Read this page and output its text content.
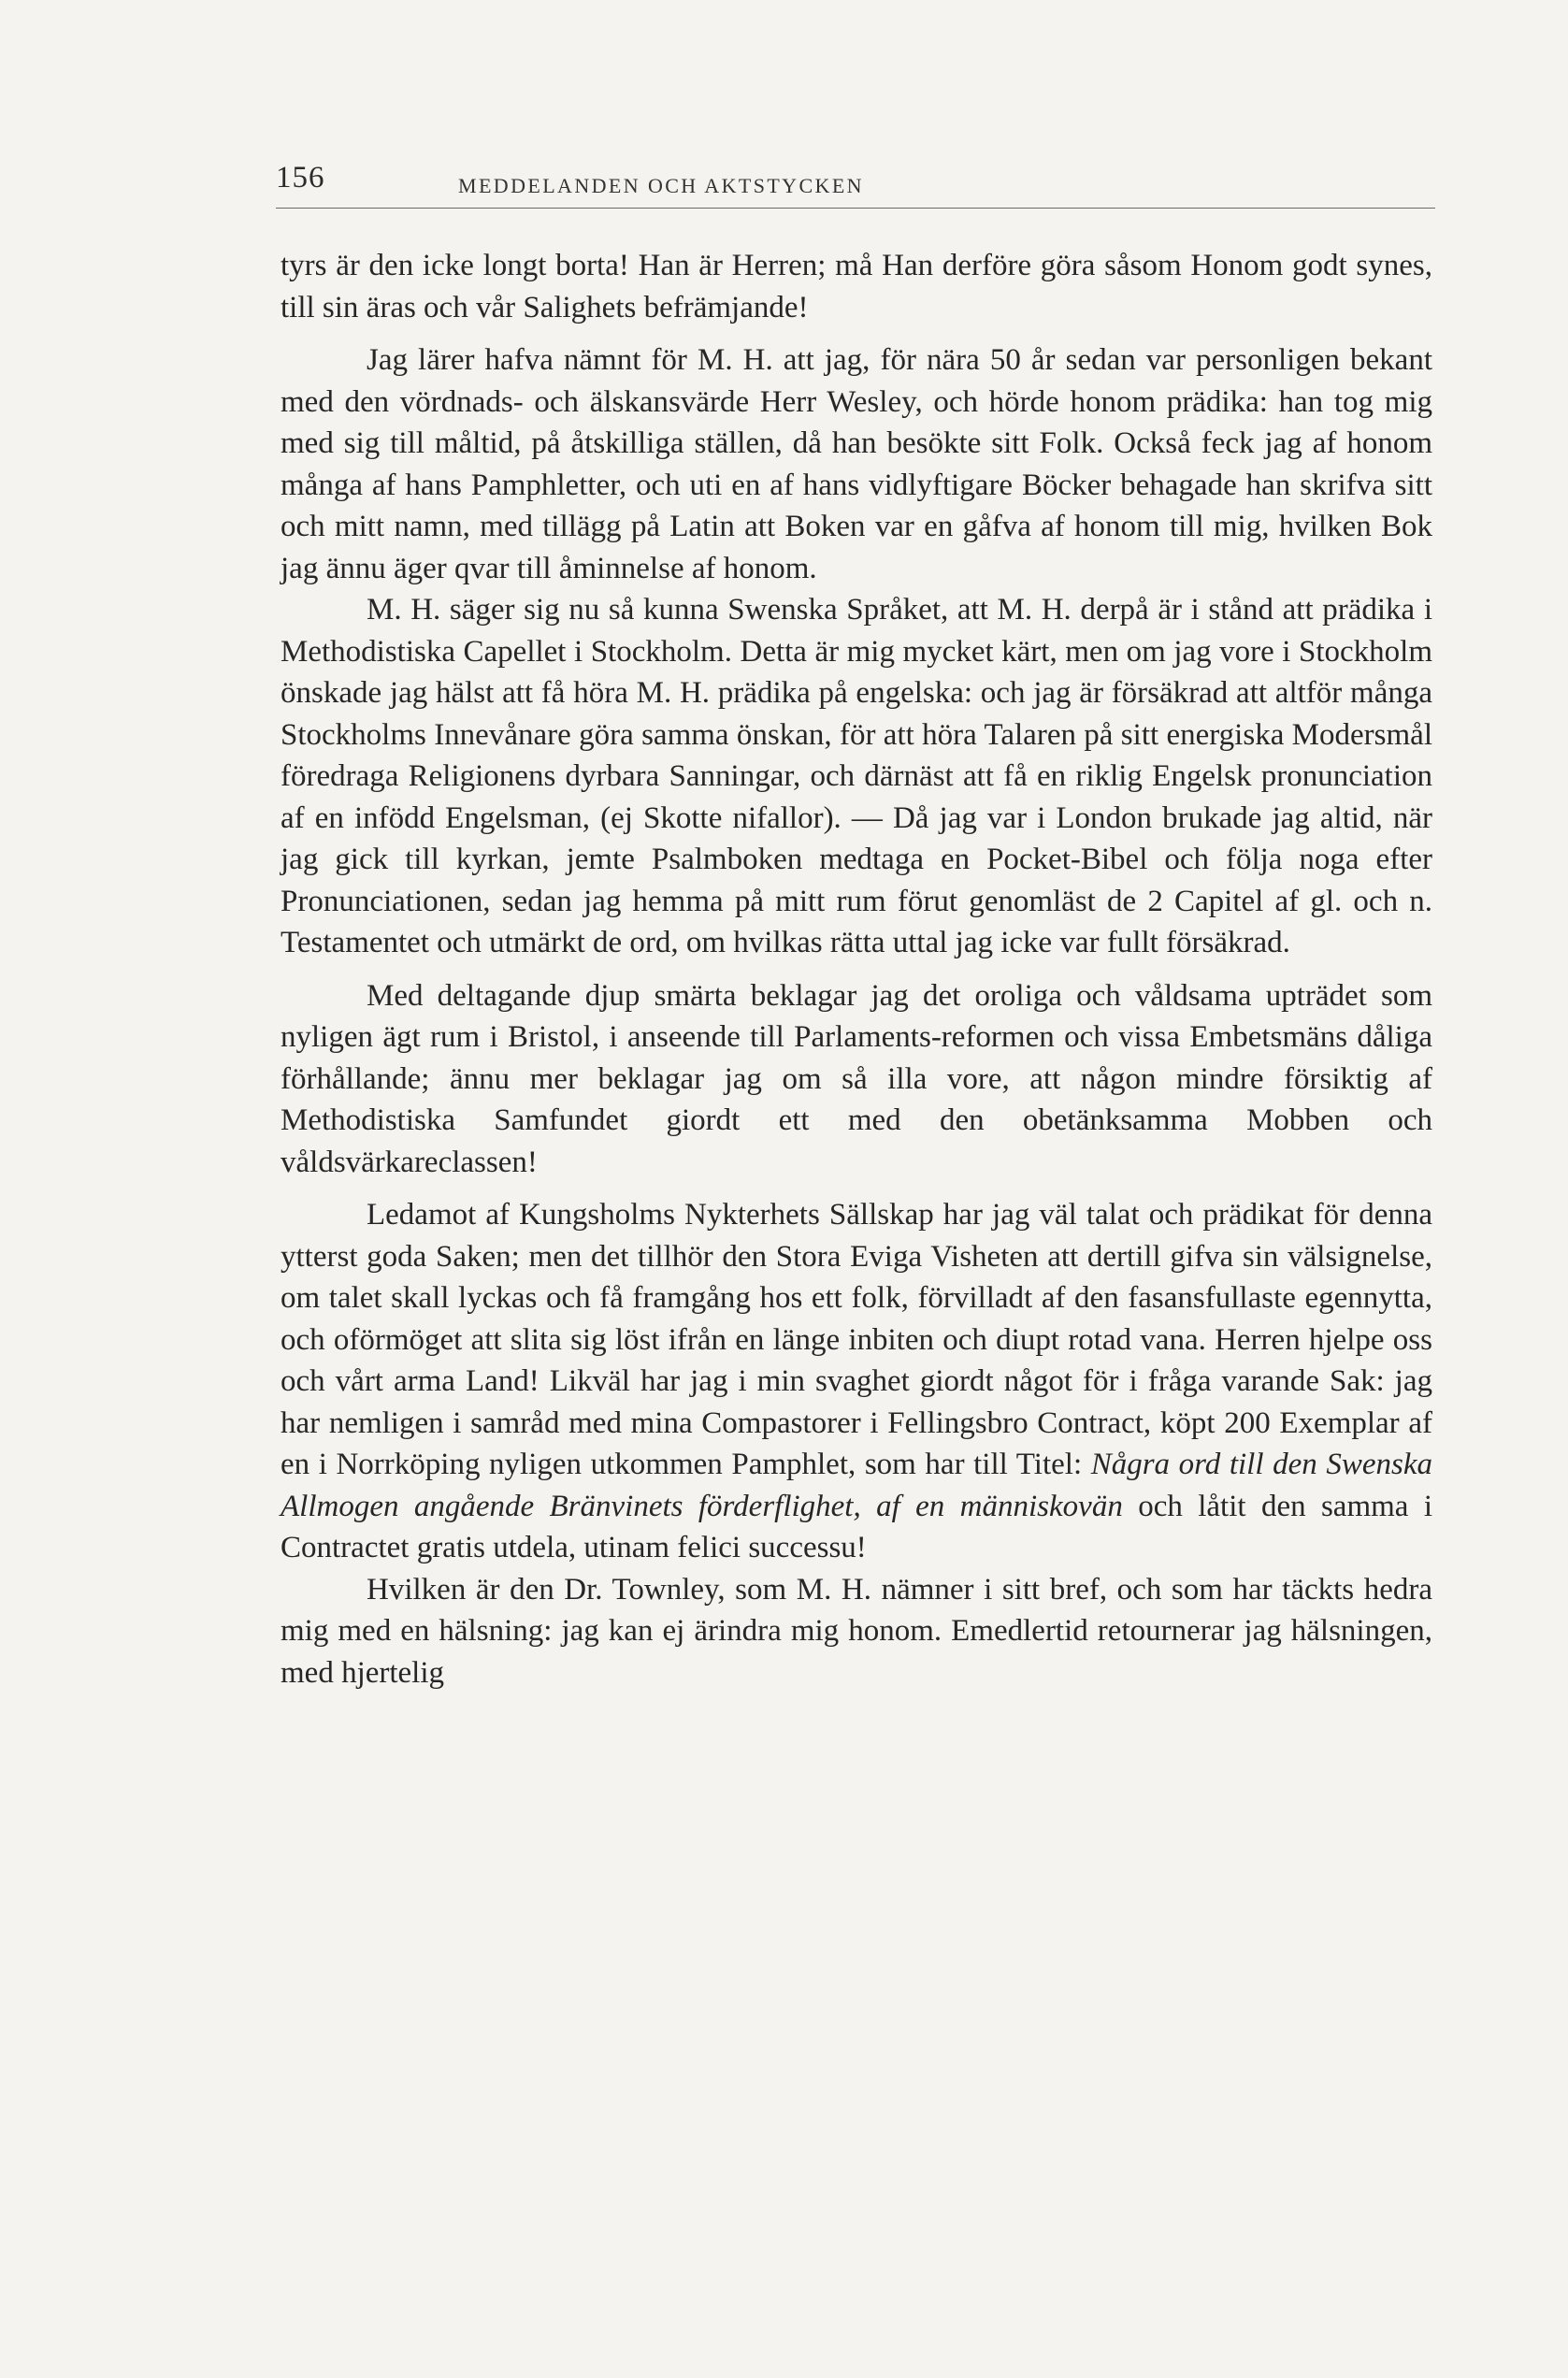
156	MEDDELANDEN OCH AKTSTYCKEN

tyrs är den icke longt borta! Han är Herren; må Han derföre göra såsom Honom godt synes, till sin äras och vår Salighets befrämjande!

Jag lärer hafva nämnt för M. H. att jag, för nära 50 år sedan var personligen bekant med den vördnads- och älskansvärde Herr Wesley, och hörde honom prädika: han tog mig med sig till måltid, på åtskilliga ställen, då han besökte sitt Folk. Också feck jag af honom många af hans Pamphletter, och uti en af hans vidlyftigare Böcker behagade han skrifva sitt och mitt namn, med tillägg på Latin att Boken var en gåfva af honom till mig, hvilken Bok jag ännu äger qvar till åminnelse af honom.

M. H. säger sig nu så kunna Swenska Språket, att M. H. derpå är i stånd att prädika i Methodistiska Capellet i Stockholm. Detta är mig mycket kärt, men om jag vore i Stockholm önskade jag hälst att få höra M. H. prädika på engelska: och jag är försäkrad att altför många Stockholms Innevånare göra samma önskan, för att höra Talaren på sitt energiska Modersmål föredraga Religionens dyrbara Sanningar, och därnäst att få en riklig Engelsk pronunciation af en infödd Engelsman, (ej Skotte nifallor). — Då jag var i London brukade jag altid, när jag gick till kyrkan, jemte Psalmboken medtaga en Pocket-Bibel och följa noga efter Pronunciationen, sedan jag hemma på mitt rum förut genomläst de 2 Capitel af gl. och n. Testamentet och utmärkt de ord, om hvilkas rätta uttal jag icke var fullt försäkrad.

Med deltagande djup smärta beklagar jag det oroliga och våldsama upträdet som nyligen ägt rum i Bristol, i anseende till Parlaments-reformen och vissa Embetsmäns dåliga förhållande; ännu mer beklagar jag om så illa vore, att någon mindre försiktig af Methodistiska Samfundet giordt ett med den obetänksamma Mobben och våldsvärkareclassen!

Ledamot af Kungsholms Nykterhets Sällskap har jag väl talat och prädikat för denna ytterst goda Saken; men det tillhör den Stora Eviga Visheten att dertill gifva sin välsignelse, om talet skall lyckas och få framgång hos ett folk, förvilladt af den fasansfullaste egennytta, och oförmöget att slita sig löst ifrån en länge inbiten och diupt rotad vana. Herren hjelpe oss och vårt arma Land! Likväl har jag i min svaghet giordt något för i fråga varande Sak: jag har nemligen i samråd med mina Compastorer i Fellingsbro Contract, köpt 200 Exemplar af en i Norrköping nyligen utkommen Pamphlet, som har till Titel: Några ord till den Swenska Allmogen angående Bränvinets förderflighet, af en människovän och låtit den samma i Contractet gratis utdela, utinam felici successu!

Hvilken är den Dr. Townley, som M. H. nämner i sitt bref, och som har täckts hedra mig med en hälsning: jag kan ej ärindra mig honom. Emedlertid retournerar jag hälsningen, med hjertelig
